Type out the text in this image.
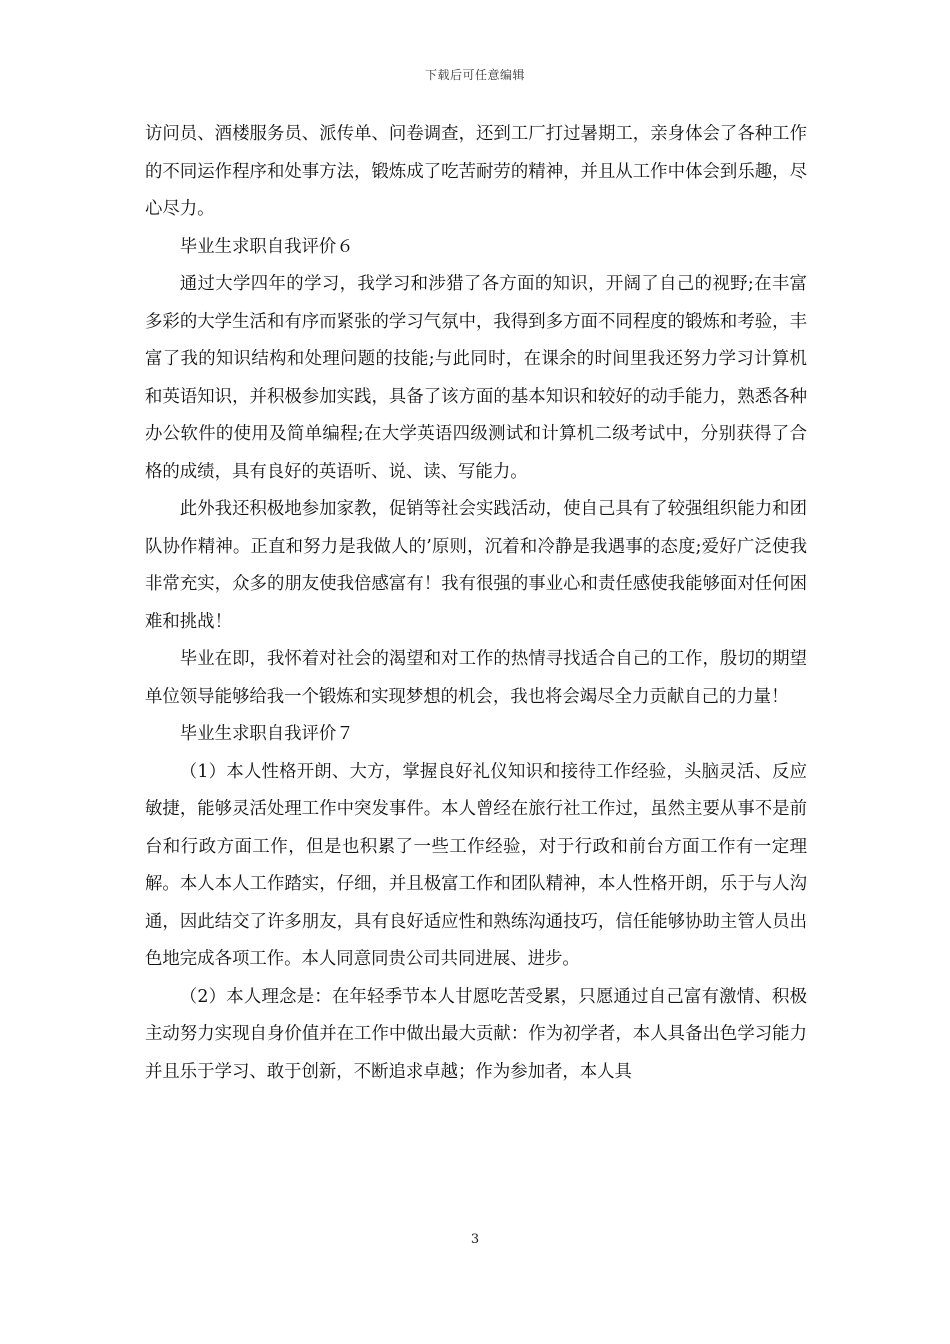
下载后可任意编辑

访问员、酒楼服务员、派传单、问卷调查，还到工厂打过暑期工，亲身体会了各种工作的不同运作程序和处事方法，锻炼成了吃苦耐劳的精神，并且从工作中体会到乐趣，尽心尽力。

毕业生求职自我评价６

通过大学四年的学习，我学习和涉猎了各方面的知识，开阔了自己的视野;在丰富多彩的大学生活和有序而紧张的学习气氛中，我得到多方面不同程度的锻炼和考验，丰富了我的知识结构和处理问题的技能;与此同时，在课余的时间里我还努力学习计算机和英语知识，并积极参加实践，具备了该方面的基本知识和较好的动手能力，熟悉各种办公软件的使用及简单编程;在大学英语四级测试和计算机二级考试中，分别获得了合格的成绩，具有良好的英语听、说、读、写能力。

此外我还积极地参加家教，促销等社会实践活动，使自己具有了较强组织能力和团队协作精神。正直和努力是我做人的’原则，沉着和冷静是我遇事的态度;爱好广泛使我非常充实，众多的朋友使我倍感富有！我有很强的事业心和责任感使我能够面对任何困难和挑战！

毕业在即，我怀着对社会的渴望和对工作的热情寻找适合自己的工作，殷切的期望单位领导能够给我一个锻炼和实现梦想的机会，我也将会竭尽全力贡献自己的力量！

毕业生求职自我评价７

（1）本人性格开朗、大方，掌握良好礼仪知识和接待工作经验，头脑灵活、反应敏捷，能够灵活处理工作中突发事件。本人曾经在旅行社工作过，虽然主要从事不是前台和行政方面工作，但是也积累了一些工作经验，对于行政和前台方面工作有一定理解。本人本人工作踏实，仔细，并且极富工作和团队精神，本人性格开朗，乐于与人沟通，因此结交了许多朋友，具有良好适应性和熟练沟通技巧，信任能够协助主管人员出色地完成各项工作。本人同意同贵公司共同进展、进步。

（2）本人理念是：在年轻季节本人甘愿吃苦受累，只愿通过自己富有激情、积极主动努力实现自身价值并在工作中做出最大贡献：作为初学者，本人具备出色学习能力并且乐于学习、敢于创新，不断追求卓越；作为参加者，本人具

3
